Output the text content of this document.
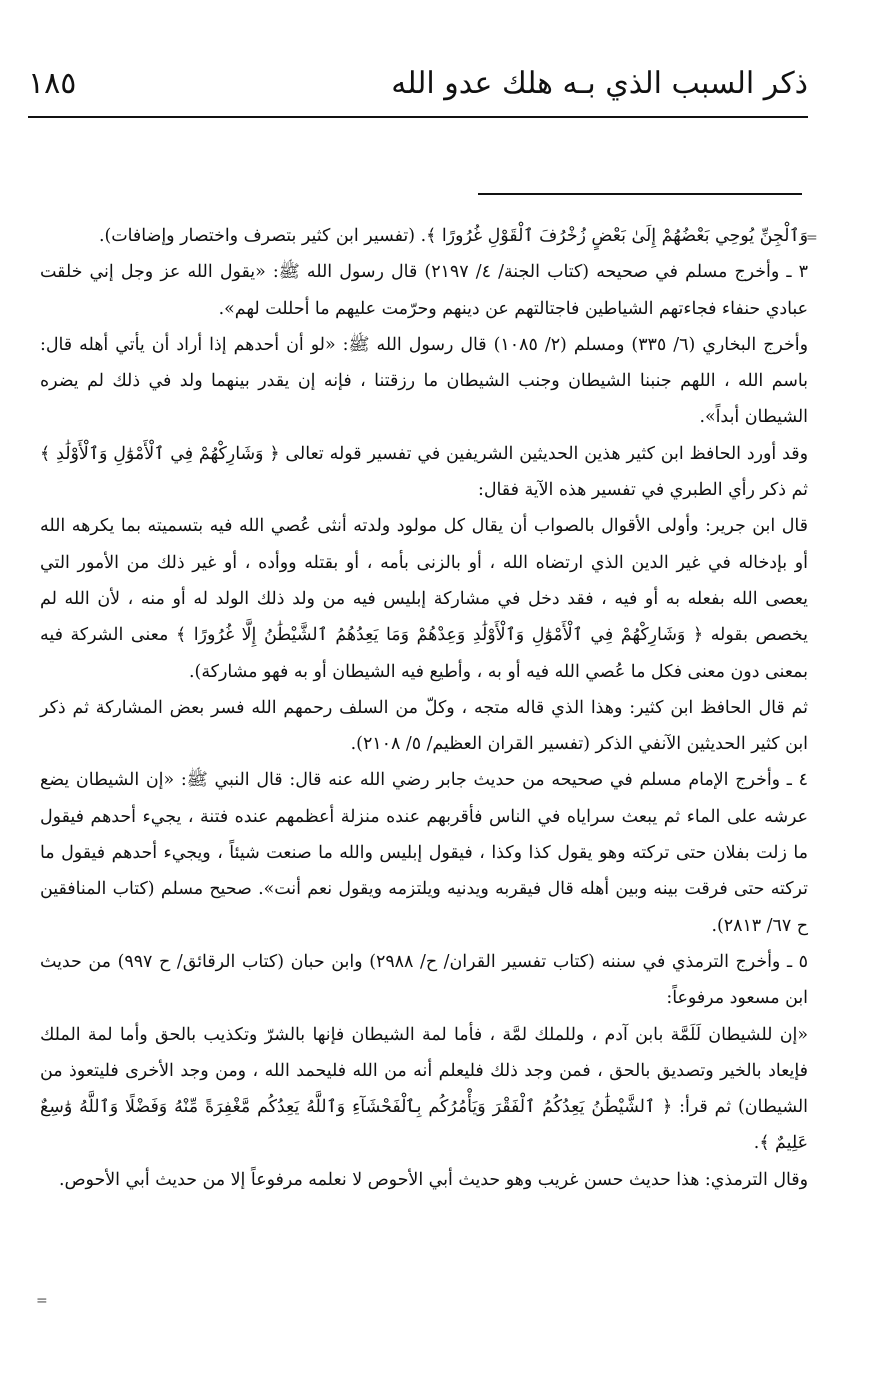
ذكر السبب الذي بـه هلك عدو الله
١٨٥
=
=

وَٱلْجِنِّ يُوحِي بَعْضُهُمْ إِلَىٰ بَعْضٍ زُخْرُفَ ٱلْقَوْلِ غُرُورًا ﴾. (تفسير ابن كثير بتصرف واختصار وإضافات).

٣ ـ وأخرج مسلم في صحيحه (كتاب الجنة/ ٤/ ٢١٩٧) قال رسول الله ﷺ: «يقول الله عز وجل إني خلقت عبادي حنفاء فجاءتهم الشياطين فاجتالتهم عن دينهم وحرّمت عليهم ما أحللت لهم».

وأخرج البخاري (٦/ ٣٣٥) ومسلم (٢/ ١٠٨٥) قال رسول الله ﷺ: «لو أن أحدهم إذا أراد أن يأتي أهله قال: باسم الله ، اللهم جنبنا الشيطان وجنب الشيطان ما رزقتنا ، فإنه إن يقدر بينهما ولد في ذلك لم يضره الشيطان أبداً».

وقد أورد الحافظ ابن كثير هذين الحديثين الشريفين في تفسير قوله تعالى ﴿ وَشَارِكْهُمْ فِي ٱلْأَمْوَٰلِ وَٱلْأَوْلَٰدِ ﴾ ثم ذكر رأي الطبري في تفسير هذه الآية فقال:

قال ابن جرير: وأولى الأقوال بالصواب أن يقال كل مولود ولدته أنثى عُصي الله فيه بتسميته بما يكرهه الله أو بإدخاله في غير الدين الذي ارتضاه الله ، أو بالزنى بأمه ، أو بقتله ووأده ، أو غير ذلك من الأمور التي يعصى الله بفعله به أو فيه ، فقد دخل في مشاركة إبليس فيه من ولد ذلك الولد له أو منه ، لأن الله لم يخصص بقوله ﴿ وَشَارِكْهُمْ فِي ٱلْأَمْوَٰلِ وَٱلْأَوْلَٰدِ وَعِدْهُمْ وَمَا يَعِدُهُمُ ٱلشَّيْطَٰنُ إِلَّا غُرُورًا ﴾ معنى الشركة فيه بمعنى دون معنى فكل ما عُصي الله فيه أو به ، وأطيع فيه الشيطان أو به فهو مشاركة).

ثم قال الحافظ ابن كثير: وهذا الذي قاله متجه ، وكلّ من السلف رحمهم الله فسر بعض المشاركة ثم ذكر ابن كثير الحديثين الآنفي الذكر (تفسير القران العظيم/ ٥/ ٢١٠٨).

٤ ـ وأخرج الإمام مسلم في صحيحه من حديث جابر رضي الله عنه قال: قال النبي ﷺ: «إن الشيطان يضع عرشه على الماء ثم يبعث سراياه في الناس فأقربهم عنده منزلة أعظمهم عنده فتنة ، يجيء أحدهم فيقول ما زلت بفلان حتى تركته وهو يقول كذا وكذا ، فيقول إبليس والله ما صنعت شيئاً ، ويجيء أحدهم فيقول ما تركته حتى فرقت بينه وبين أهله قال فيقربه ويدنيه ويلتزمه ويقول نعم أنت». صحيح مسلم (كتاب المنافقين ح ٦٧/ ٢٨١٣).

٥ ـ وأخرج الترمذي في سننه (كتاب تفسير القران/ ح/ ٢٩٨٨) وابن حبان (كتاب الرقائق/ ح ٩٩٧) من حديث ابن مسعود مرفوعاً:

«إن للشيطان لَلَمَّة بابن آدم ، وللملك لمَّة ، فأما لمة الشيطان فإنها بالشرّ وتكذيب بالحق وأما لمة الملك فإيعاد بالخير وتصديق بالحق ، فمن وجد ذلك فليعلم أنه من الله فليحمد الله ، ومن وجد الأخرى فليتعوذ من الشيطان) ثم قرأ: ﴿ ٱلشَّيْطَٰنُ يَعِدُكُمُ ٱلْفَقْرَ وَيَأْمُرُكُم بِٱلْفَحْشَآءِ وَٱللَّهُ يَعِدُكُم مَّغْفِرَةً مِّنْهُ وَفَضْلًا وَٱللَّهُ وَٰسِعٌ عَلِيمٌ ﴾.

وقال الترمذي: هذا حديث حسن غريب وهو حديث أبي الأحوص لا نعلمه مرفوعاً إلا من حديث أبي الأحوص.
